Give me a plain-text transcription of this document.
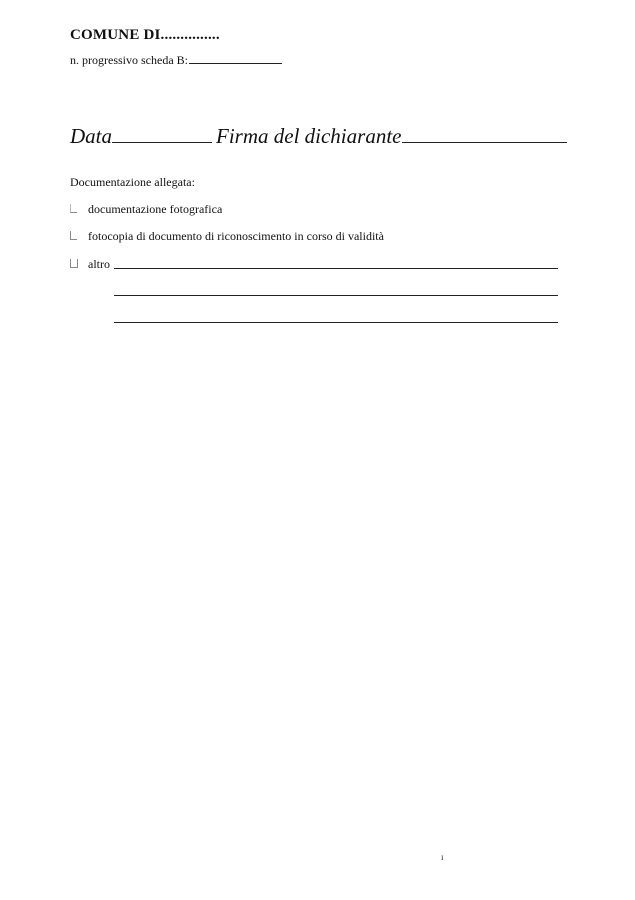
COMUNE DI...............
n. progressivo scheda B:
Data	Firma del dichiarante
Documentazione allegata:
documentazione fotografica
fotocopia di documento di riconoscimento in corso di validità
altro
ı
